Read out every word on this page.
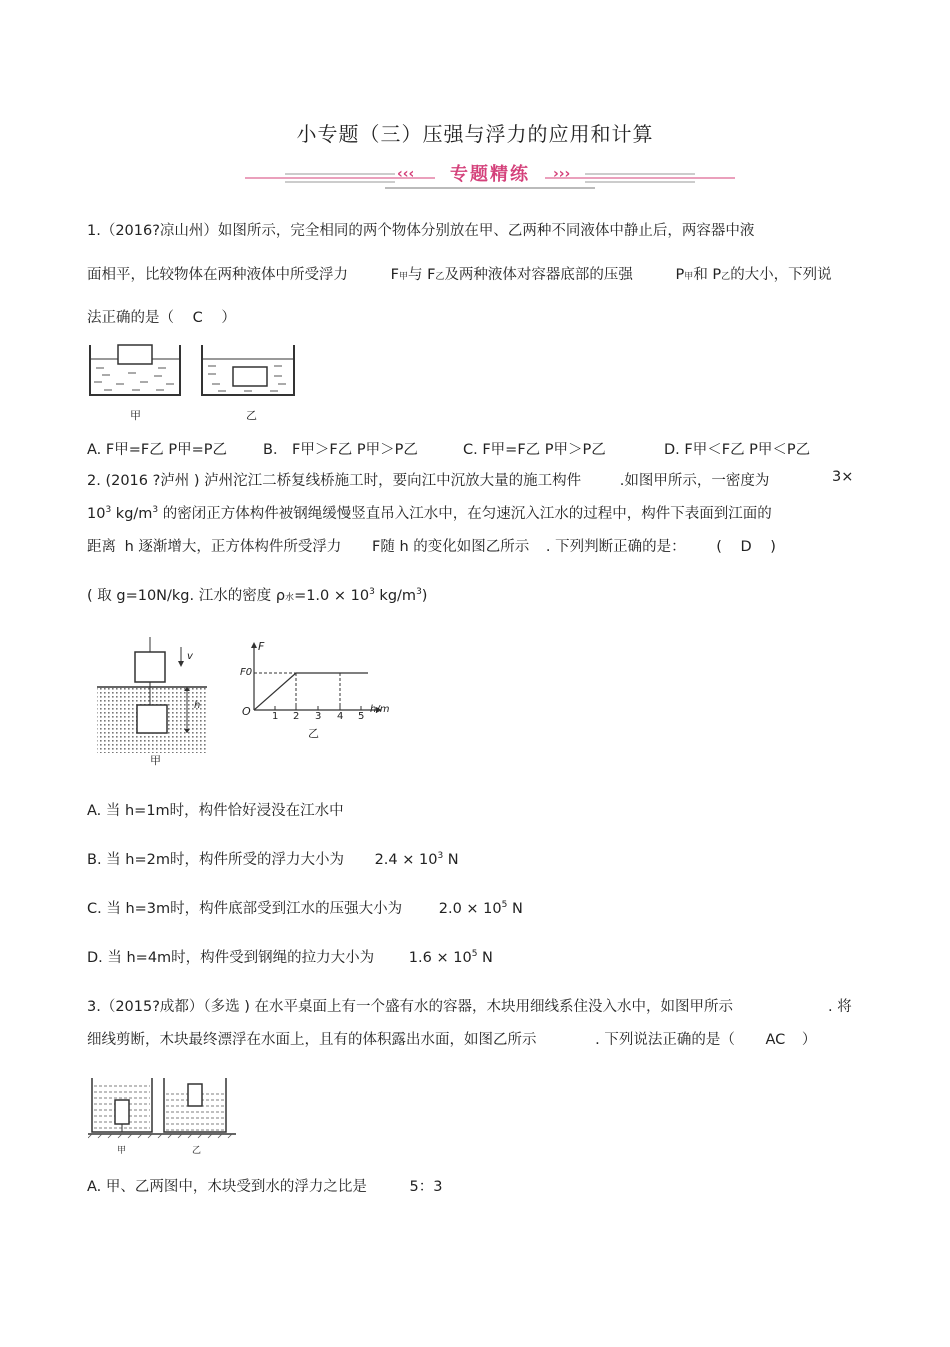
小专题（三）压强与浮力的应用和计算
‹‹‹	专题精练	›››
1.（2016?凉山州）如图所示，完全相同的两个物体分别放在甲、乙两种不同液体中静止后，两容器中液
面相平，比较物体在两种液体中所受浮力	F甲与 F乙及两种液体对容器底部的压强	P甲和 P乙的大小，下列说
法正确的是（ C ）
甲	乙
A. F甲=F乙 P甲=P乙 B． F甲＞F乙 P甲＞P乙	C. F甲=F乙 P甲＞P乙	D. F甲＜F乙 P甲＜P乙
2. (2016 ?泸州 ) 泸州沱江二桥复线桥施工时，要向江中沉放大量的施工构件	.如图甲所示，一密度为	3×
$10^3$ $kg/m^3$ 的密闭正方体构件被钢绳缓慢竖直吊入江水中，在匀速沉入江水的过程中，构件下表面到江面的
距离 h 逐渐增大，正方体构件所受浮力 F随 h 的变化如图乙所示 . 下列判断正确的是： ( D )
( 取 g=10N/kg. 江水的密度 ρ水$=1.0 \times 10^3$ $kg/m^3$)
v
h
甲
F
F0
O 1 2 3 4 5
h/m
乙
A. 当 h=1m时，构件恰好浸没在江水中
B. 当 h=2m时，构件所受的浮力大小为 $2.4 \times 10^3$ N
C. 当 h=3m时，构件底部受到江水的压强大小为	$2.0 \times 10^5$ N
D. 当 h=4m时，构件受到钢绳的拉力大小为 $1.6 \times 10^5$ N
3.（2015?成都）（多选 ) 在水平桌面上有一个盛有水的容器，木块用细线系住没入水中，如图甲所示	. 将
细线剪断，木块最终漂浮在水面上，且有的体积露出水面，如图乙所示	. 下列说法正确的是（ AC ）
甲	乙
A. 甲、乙两图中，木块受到水的浮力之比是	5：3
